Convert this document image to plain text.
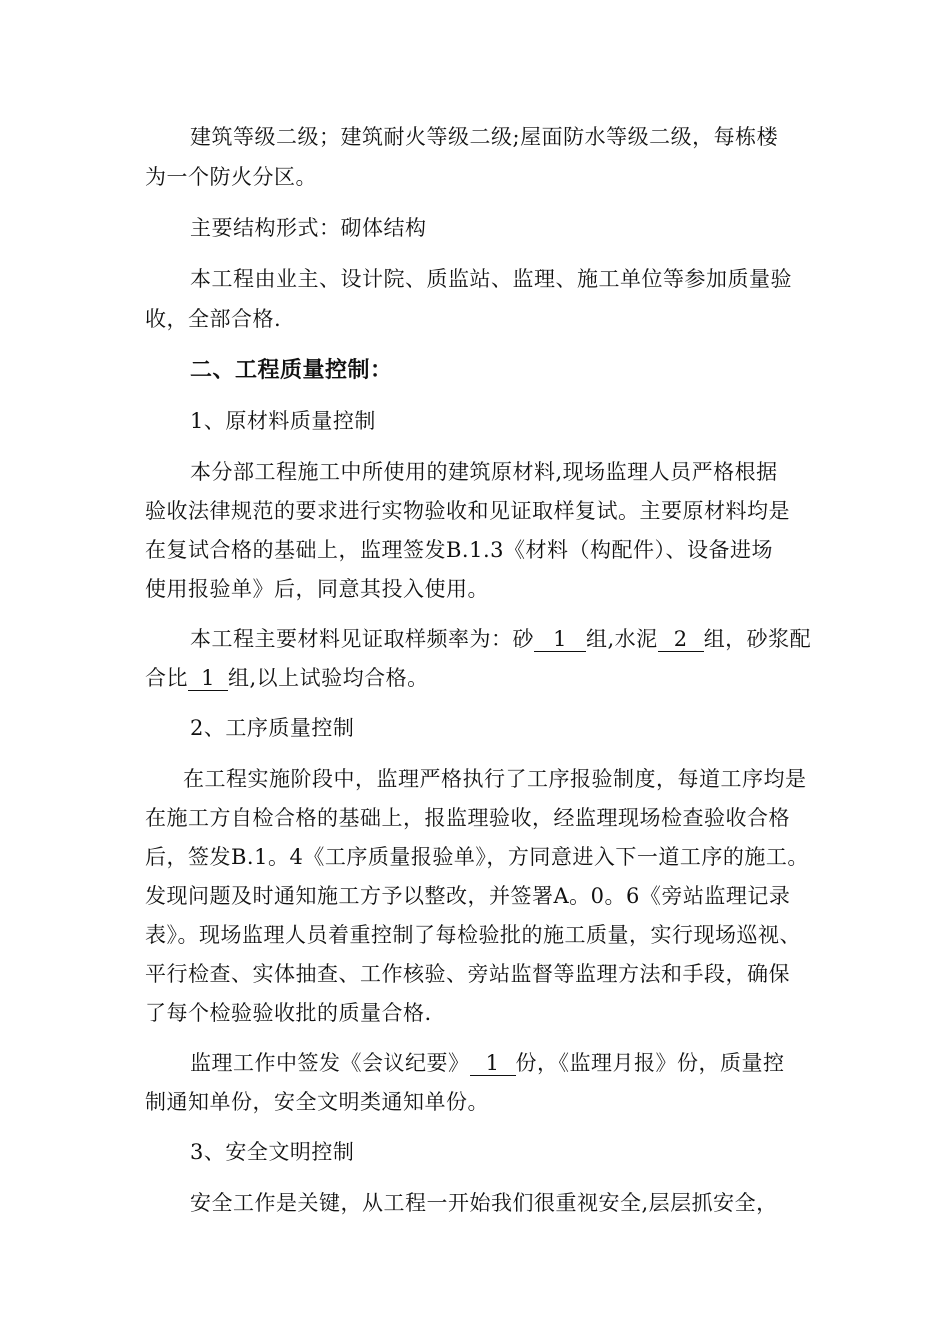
建筑等级二级；建筑耐火等级二级;屋面防水等级二级，每栋楼
为一个防火分区。
主要结构形式：砌体结构
本工程由业主、设计院、质监站、监理、施工单位等参加质量验
收，全部合格.
二、工程质量控制：
1、原材料质量控制
本分部工程施工中所使用的建筑原材料,现场监理人员严格根据
验收法律规范的要求进行实物验收和见证取样复试。主要原材料均是
在复试合格的基础上，监理签发B.1.3《材料（构配件）、设备进场
使用报验单》后，同意其投入使用。
本工程主要材料见证取样频率为：砂 1 组,水泥 2 组，砂浆配
合比 1 组,以上试验均合格。
2、工序质量控制
在工程实施阶段中，监理严格执行了工序报验制度，每道工序均是
在施工方自检合格的基础上，报监理验收，经监理现场检查验收合格
后，签发B.1。4《工序质量报验单》，方同意进入下一道工序的施工。
发现问题及时通知施工方予以整改，并签署A。0。6《旁站监理记录
表》。现场监理人员着重控制了每检验批的施工质量，实行现场巡视、
平行检查、实体抽查、工作核验、旁站监督等监理方法和手段，确保
了每个检验验收批的质量合格.
监理工作中签发《会议纪要》 1 份，《监理月报》份，质量控
制通知单份，安全文明类通知单份。
3、安全文明控制
安全工作是关键，从工程一开始我们很重视安全,层层抓安全，
